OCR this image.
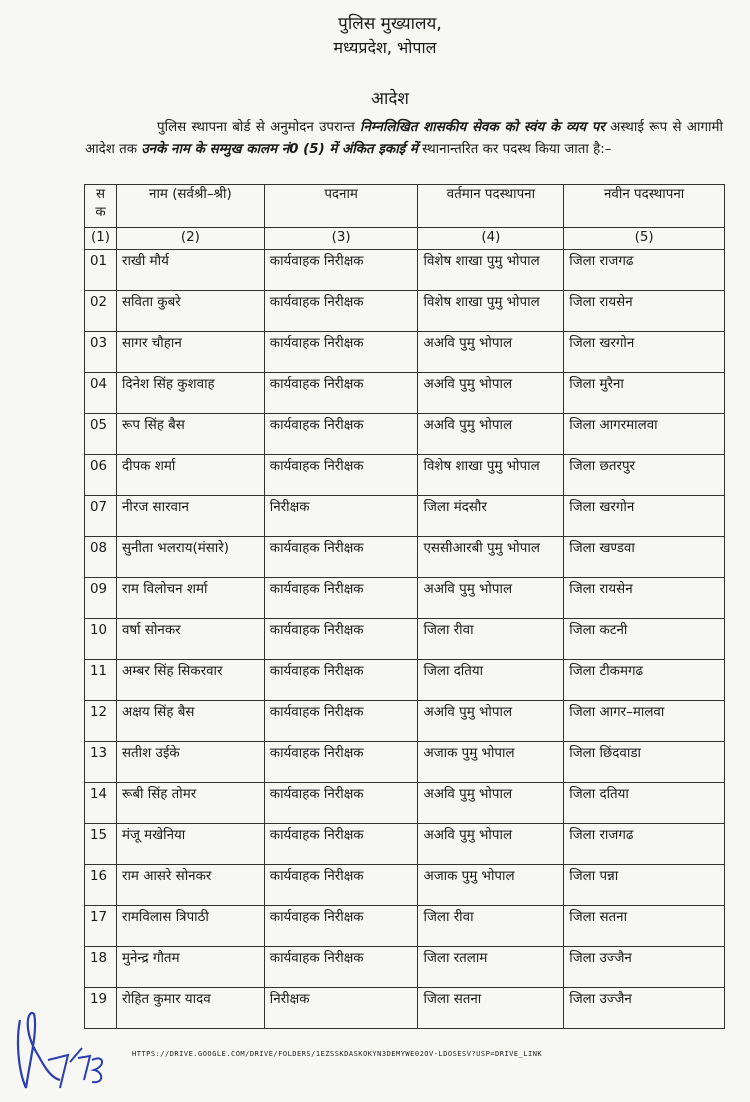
पुलिस मुख्यालय,
मध्यप्रदेश, भोपाल
आदेश
पुलिस स्थापना बोर्ड से अनुमोदन उपरान्त निम्नलिखित शासकीय सेवक को स्वंय के व्यय पर अस्थाई रूप से आगामी आदेश तक उनके नाम के सम्मुख कालम नं0 (5) में अंकित इकाई में स्थानान्तरित कर पदस्थ किया जाता है:–
स क	नाम (सर्वश्री–श्री)	पदनाम	वर्तमान पदस्थापना	नवीन पदस्थापना
(1)	(2)	(3)	(4)	(5)
01	राखी मौर्य	कार्यवाहक निरीक्षक	विशेष शाखा पुमु भोपाल	जिला राजगढ
02	सविता कुबरे	कार्यवाहक निरीक्षक	विशेष शाखा पुमु भोपाल	जिला रायसेन
03	सागर चौहान	कार्यवाहक निरीक्षक	अअवि पुमु भोपाल	जिला खरगोन
04	दिनेश सिंह कुशवाह	कार्यवाहक निरीक्षक	अअवि पुमु भोपाल	जिला मुरैना
05	रूप सिंह बैस	कार्यवाहक निरीक्षक	अअवि पुमु भोपाल	जिला आगरमालवा
06	दीपक शर्मा	कार्यवाहक निरीक्षक	विशेष शाखा पुमु भोपाल	जिला छतरपुर
07	नीरज सारवान	निरीक्षक	जिला मंदसौर	जिला खरगोन
08	सुनीता भलराय(मंसारे)	कार्यवाहक निरीक्षक	एससीआरबी पुमु भोपाल	जिला खण्डवा
09	राम विलोचन शर्मा	कार्यवाहक निरीक्षक	अअवि पुमु भोपाल	जिला रायसेन
10	वर्षा सोनकर	कार्यवाहक निरीक्षक	जिला रीवा	जिला कटनी
11	अम्बर सिंह सिकरवार	कार्यवाहक निरीक्षक	जिला दतिया	जिला टीकमगढ
12	अक्षय सिंह बैस	कार्यवाहक निरीक्षक	अअवि पुमु भोपाल	जिला आगर–मालवा
13	सतीश उईके	कार्यवाहक निरीक्षक	अजाक पुमु भोपाल	जिला छिंदवाडा
14	रूबी सिंह तोमर	कार्यवाहक निरीक्षक	अअवि पुमु भोपाल	जिला दतिया
15	मंजू मखेनिया	कार्यवाहक निरीक्षक	अअवि पुमु भोपाल	जिला राजगढ
16	राम आसरे सोनकर	कार्यवाहक निरीक्षक	अजाक पुमु भोपाल	जिला पन्ना
17	रामविलास त्रिपाठी	कार्यवाहक निरीक्षक	जिला रीवा	जिला सतना
18	मुनेन्द्र गौतम	कार्यवाहक निरीक्षक	जिला रतलाम	जिला उज्जैन
19	रोहित कुमार यादव	निरीक्षक	जिला सतना	जिला उज्जैन
HTTPS://DRIVE.GOOGLE.COM/DRIVE/FOLDERS/1EZSSKDASKOKYN3DEMYWE02OV-LDOSESV?USP=DRIVE_LINK
